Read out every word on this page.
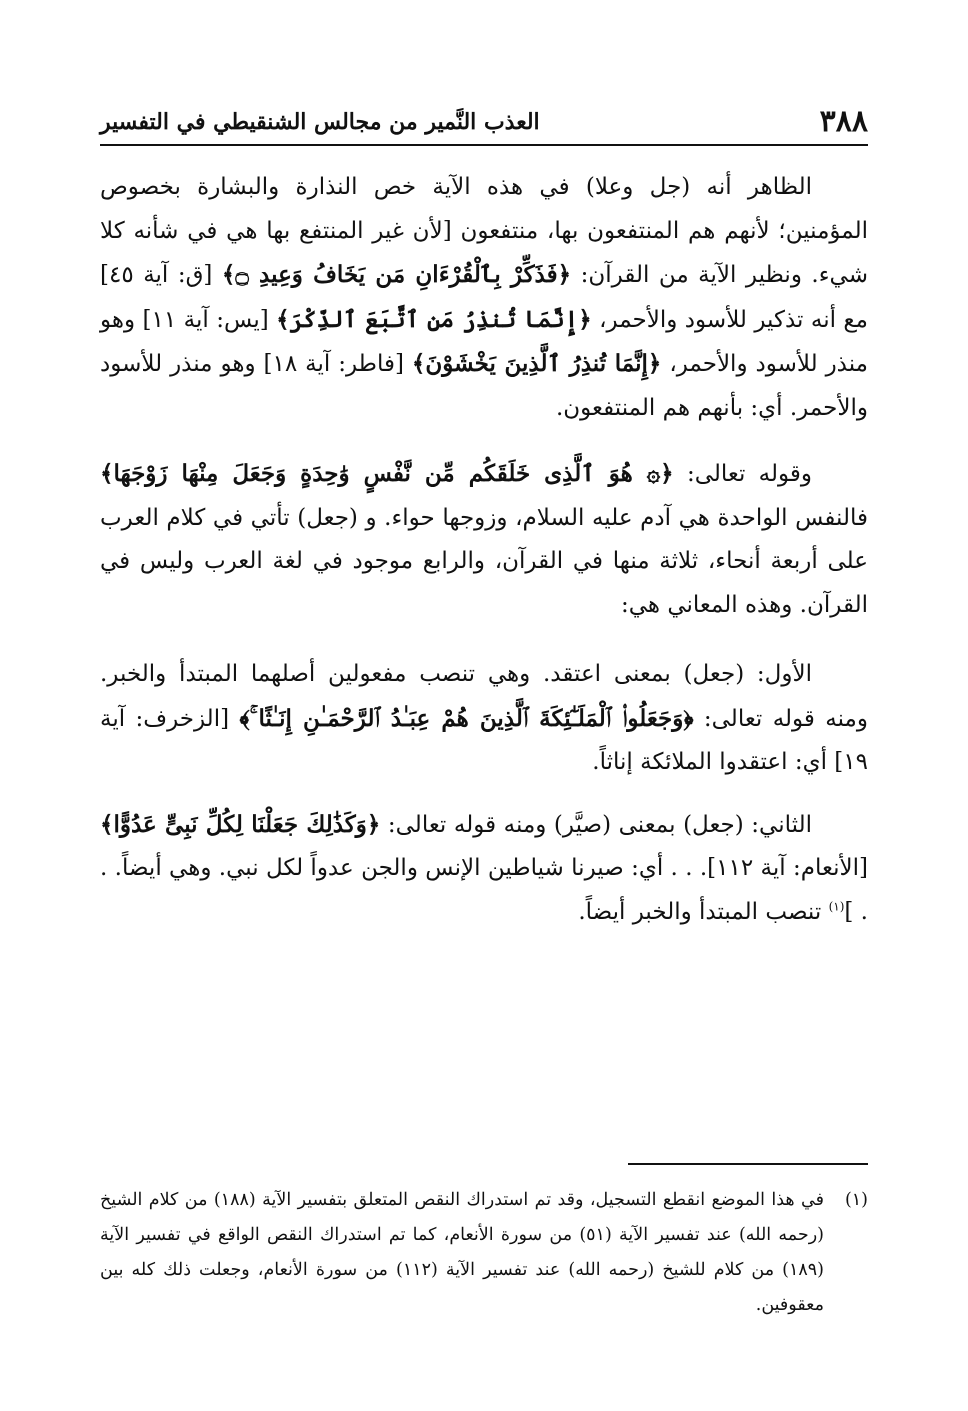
٣٨٨
العذب النَّمير من مجالس الشنقيطي في التفسير

الظاهر أنه (جل وعلا) في هذه الآية خص النذارة والبشارة بخصوص المؤمنين؛ لأنهم هم المنتفعون بها، منتفعون [لأن غير المنتفع بها هي في شأنه كلا شيء. ونظير الآية من القرآن: ﴿فَذَكِّرْ بِٱلْقُرْءَانِ مَن يَخَافُ وَعِيدِ ۝﴾ [ق: آية ٤٥] مع أنه تذكير للأسود والأحمر، ﴿إِنَّمَا تُنذِرُ مَنِ ٱتَّبَعَ ٱلذِّكْرَ﴾ [يس: آية ١١] وهو منذر للأسود والأحمر، ﴿إِنَّمَا تُنذِرُ ٱلَّذِينَ يَخْشَوْنَ﴾ [فاطر: آية ١٨] وهو منذر للأسود والأحمر. أي: بأنهم هم المنتفعون.

وقوله تعالى: ﴿۞ هُوَ ٱلَّذِى خَلَقَكُم مِّن نَّفْسٍ وَٰحِدَةٍ وَجَعَلَ مِنْهَا زَوْجَهَا﴾ فالنفس الواحدة هي آدم عليه السلام، وزوجها حواء. و (جعل) تأتي في كلام العرب على أربعة أنحاء، ثلاثة منها في القرآن، والرابع موجود في لغة العرب وليس في القرآن. وهذه المعاني هي:

الأول: (جعل) بمعنى اعتقد. وهي تنصب مفعولين أصلهما المبتدأ والخبر. ومنه قوله تعالى: ﴿وَجَعَلُوا۟ ٱلْمَلَـٰٓئِكَةَ ٱلَّذِينَ هُمْ عِبَـٰدُ ٱلرَّحْمَـٰنِ إِنَـٰثًا ۚ﴾ [الزخرف: آية ١٩] أي: اعتقدوا الملائكة إناثاً.

الثاني: (جعل) بمعنى (صيَّر) ومنه قوله تعالى: ﴿وَكَذَٰلِكَ جَعَلْنَا لِكُلِّ نَبِىٍّ عَدُوًّا﴾ [الأنعام: آية ١١٢]. . . أي: صيرنا شياطين الإنس والجن عدواً لكل نبي. وهي أيضاً. . . ]$^{(١)}$ تنصب المبتدأ والخبر أيضاً.

(١)
في هذا الموضع انقطع التسجيل، وقد تم استدراك النقص المتعلق بتفسير الآية (١٨٨) من كلام الشيخ (رحمه الله) عند تفسير الآية (٥١) من سورة الأنعام، كما تم استدراك النقص الواقع في تفسير الآية (١٨٩) من كلام للشيخ (رحمه الله) عند تفسير الآية (١١٢) من سورة الأنعام، وجعلت ذلك كله بين معقوفين.
